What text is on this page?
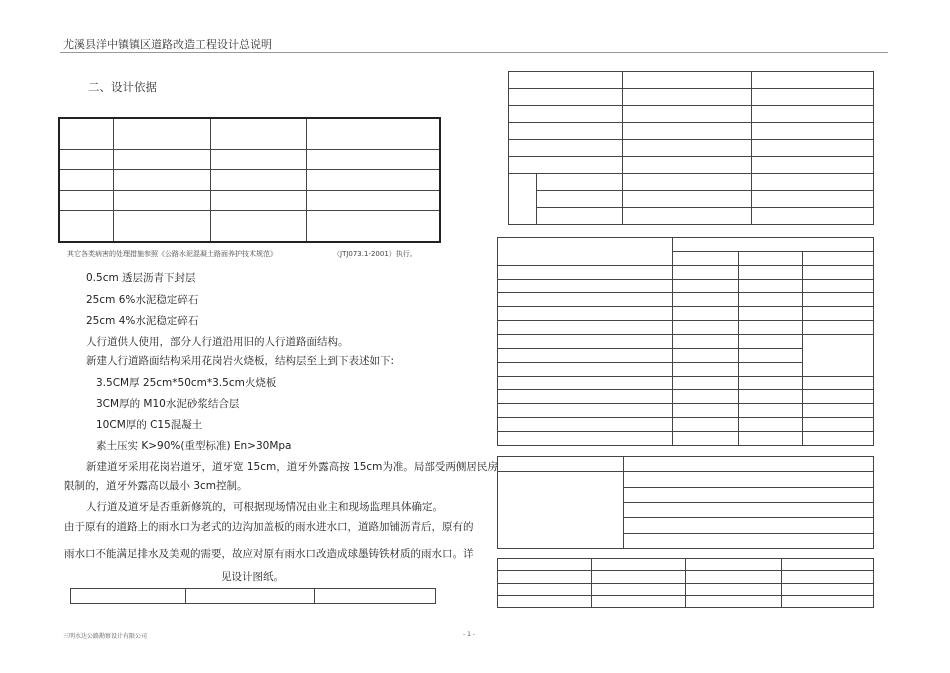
尤溪县洋中镇镇区道路改造工程设计总说明
二、设计依据

其它各类病害的处理措施参照《公路水泥混凝土路面养护技术规范》	（JTJ073.1-2001）执行。
0.5cm 透层沥青下封层
25cm 6%水泥稳定碎石
25cm 4%水泥稳定碎石
人行道供人使用，部分人行道沿用旧的人行道路面结构。
新建人行道路面结构采用花岗岩火烧板，结构层至上到下表述如下:
3.5CM厚 25cm*50cm*3.5cm火烧板
3CM厚的 M10水泥砂浆结合层
10CM厚的 C15混凝土
素土压实 K>90%(重型标准) En>30Mpa
新建道牙采用花岗岩道牙，道牙宽 15cm，道牙外露高按 15cm为准。局部受两侧居民房
限制的，道牙外露高以最小 3cm控制。
人行道及道牙是否重新修筑的，可根据现场情况由业主和现场监理具体确定。
由于原有的道路上的雨水口为老式的边沟加盖板的雨水进水口，道路加铺沥青后，原有的
雨水口不能满足排水及美观的需要，故应对原有雨水口改造成球墨铸铁材质的雨水口。详
见设计图纸。

三明水达公路勘察设计有限公司	- 1 -
